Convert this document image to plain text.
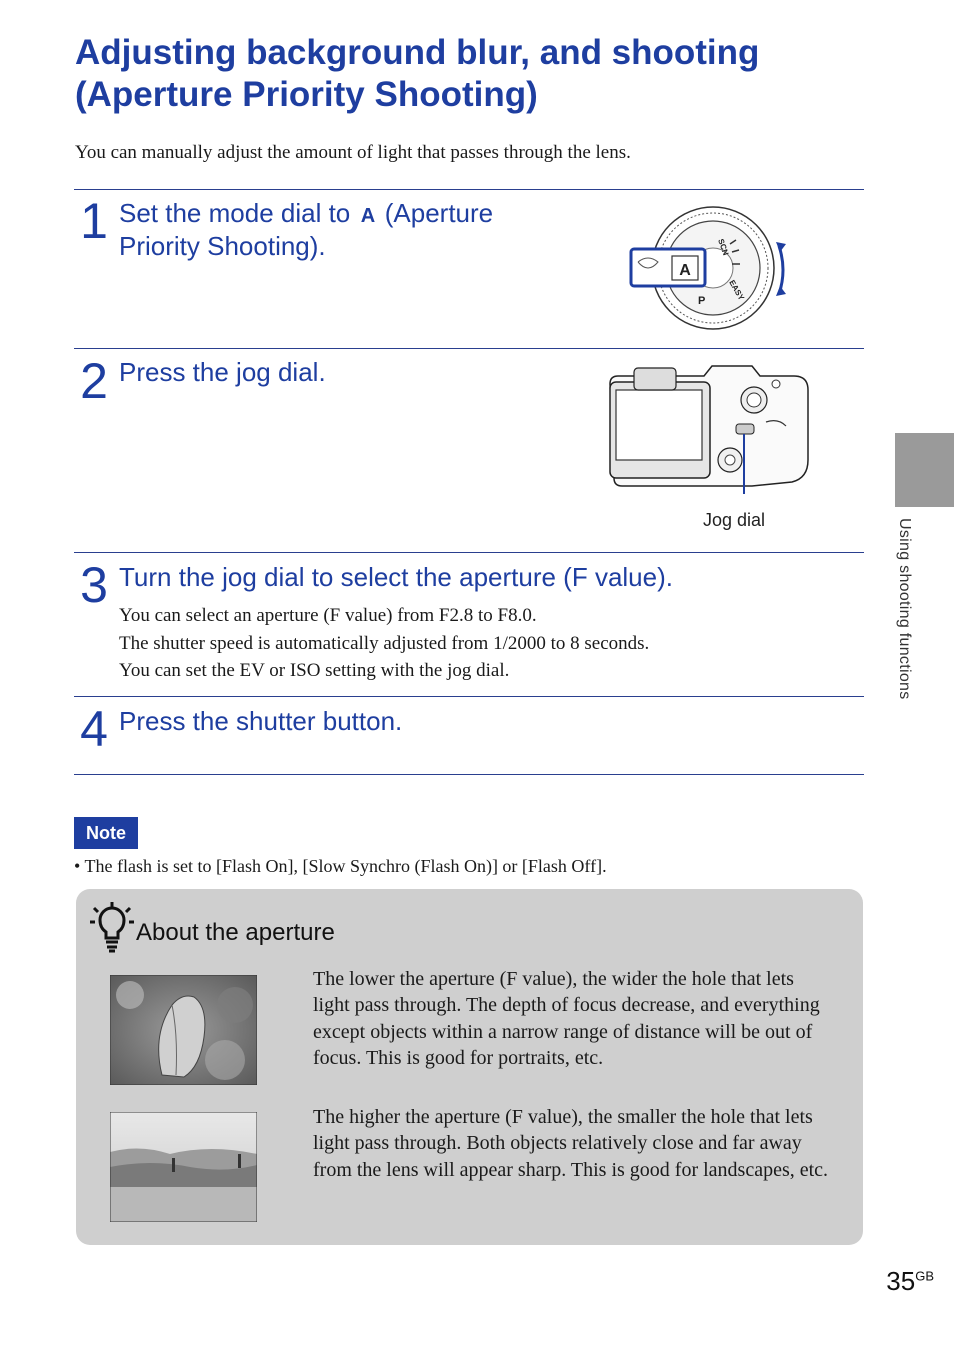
Adjusting background blur, and shooting (Aperture Priority Shooting)
You can manually adjust the amount of light that passes through the lens.
1 Set the mode dial to A (Aperture Priority Shooting).	SCN
EASY
P
A
2 Press the jog dial.
Jog dial
3 Turn the jog dial to select the aperture (F value).
You can select an aperture (F value) from F2.8 to F8.0.
The shutter speed is automatically adjusted from 1/2000 to 8 seconds.
You can set the EV or ISO setting with the jog dial.
4 Press the shutter button.
Note
• The flash is set to [Flash On], [Slow Synchro (Flash On)] or [Flash Off].
About the aperture
The lower the aperture (F value), the wider the hole that lets light pass through. The depth of focus decrease, and everything except objects within a narrow range of distance will be out of focus. This is good for portraits, etc.
The higher the aperture (F value), the smaller the hole that lets light pass through. Both objects relatively close and far away from the lens will appear sharp. This is good for landscapes, etc.
Using shooting functions
$35^{GB}$
